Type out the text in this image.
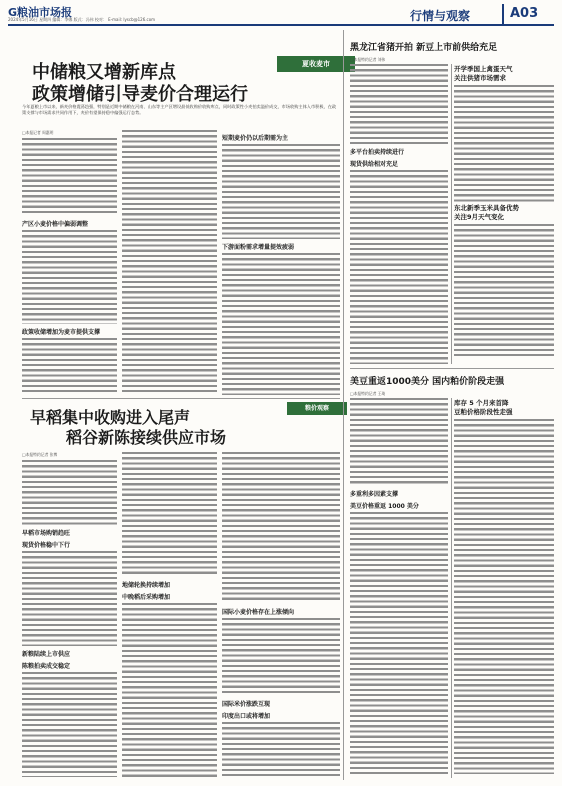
G粮油市场报
2024年5月16日 星期四 编辑：李娜 版式：冯伟 校对： E-mail: lyscb@126.com	行情与观察	A03
中储粮又增新库点
政策增储引导麦价合理运行
夏收麦市
今年夏粮上市以来，新麦价格震荡趋强，特别是近期中储粮在河南、山东等主产区增设最低收购价收购库点，同时政策性小麦拍卖溢价成交，市场收购主体入市积极，在政策支撑与市场需求共同作用下，麦价有望保持稳中偏强运行态势。
□本报记者 周惠明
产区小麦价格中偏弱调整
政策收储增加为麦市提供支撑
短期麦价仍以后期需为主
下游面粉需求增量提效疲弱
粮价观察
早稻集中收购进入尾声
稻谷新陈接续供应市场
□本报特约记者 张博
早稻市场购销趋旺
现货价格稳中下行
新粮陆续上市供应
陈粮拍卖成交稳定
地储轮换持续增加
中晚稻后采购增加
国际小麦价格存在上涨倾向
国际米价涨跌互现
印度出口或将增加
黑龙江省猪开拍 新豆上市前供给充足
□本报特约记者 刘伟
多平台拍卖持续进行
现货供给相对充足
开学季国上禽蛋天气
关注供猪市场需求
东北新季玉米具备优势
关注9月天气变化
美豆重返1000美分 国内粕价阶段走强
□本报特约记者 王琦
多重利多因素支撑
美豆价格重返 1000 美分
库存 5 个月来首降
豆粕价格阶段性走强
